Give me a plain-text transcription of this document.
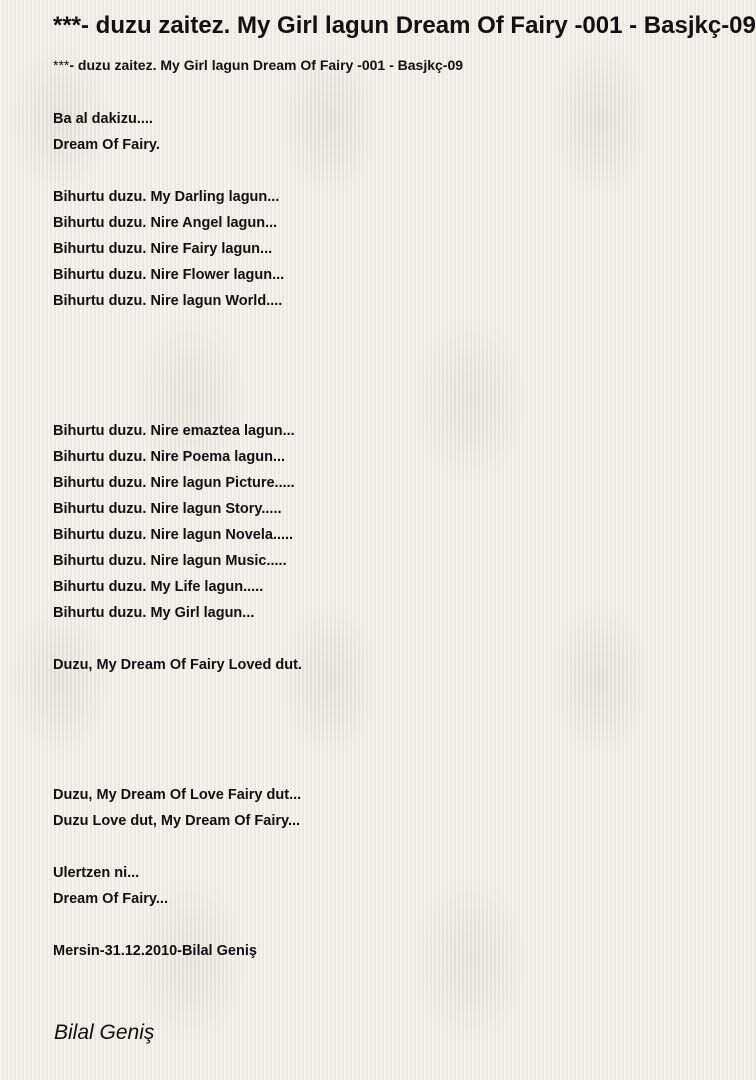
***- duzu zaitez. My Girl lagun Dream Of Fairy -001 - Basjkç-09
***- duzu zaitez. My Girl lagun Dream Of Fairy -001 - Basjkç-09
Ba al dakizu....
Dream Of Fairy.
Bihurtu duzu. My Darling lagun...
Bihurtu duzu. Nire Angel lagun...
Bihurtu duzu. Nire Fairy lagun...
Bihurtu duzu. Nire Flower lagun...
Bihurtu duzu. Nire lagun World....
Bihurtu duzu. Nire emaztea lagun...
Bihurtu duzu. Nire Poema lagun...
Bihurtu duzu. Nire lagun Picture.....
Bihurtu duzu. Nire lagun Story.....
Bihurtu duzu. Nire lagun Novela.....
Bihurtu duzu. Nire lagun Music.....
Bihurtu duzu. My Life lagun.....
Bihurtu duzu. My Girl lagun...
Duzu, My Dream Of Fairy Loved dut.
Duzu, My Dream Of Love Fairy dut...
Duzu Love dut, My Dream Of Fairy...
Ulertzen ni...
Dream Of Fairy...
Mersin-31.12.2010-Bilal Geniş
Bilal Geniş
